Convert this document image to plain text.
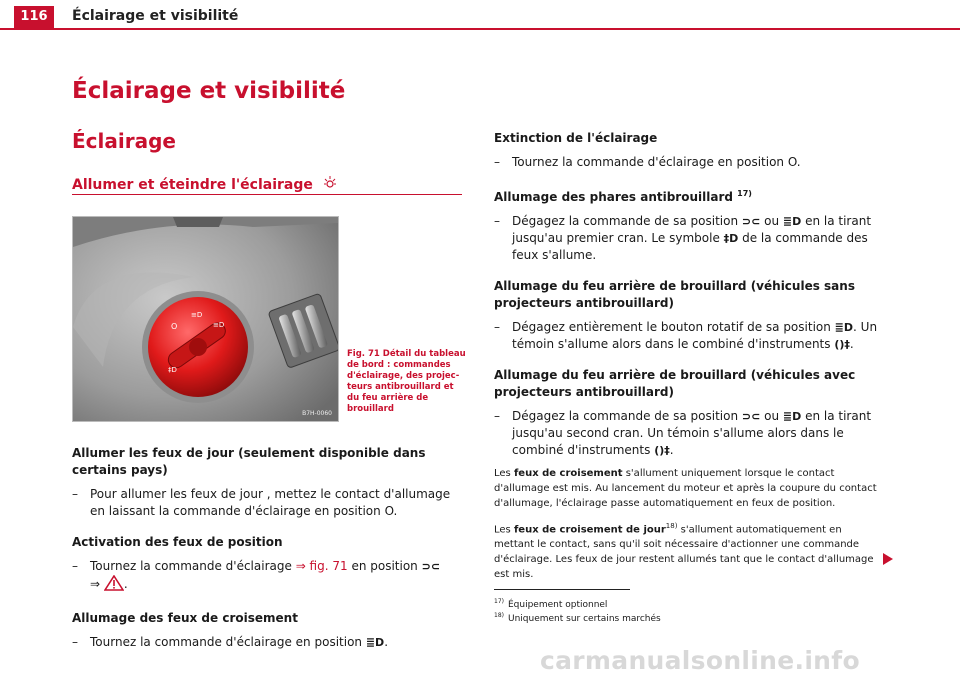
116	Éclairage et visibilité
Éclairage et visibilité
Éclairage
Allumer et éteindre l'éclairage
O
≡D
≡D
‡D
B7H-0060
Fig. 71 Détail du tableau de bord : commandes d'éclairage, des projec-teurs antibrouillard et du feu arrière de brouillard
Allumer les feux de jour (seulement disponible dans certains pays)
– Pour allumer les feux de jour , mettez le contact d'allumage en laissant la commande d'éclairage en position O.
Activation des feux de position
– Tournez la commande d'éclairage ⇒ fig. 71 en position ⊃⊂
⇒ .
Allumage des feux de croisement
– Tournez la commande d'éclairage en position ≣D.
Extinction de l'éclairage
– Tournez la commande d'éclairage en position O.
Allumage des phares antibrouillard $^{17)}$
– Dégagez la commande de sa position ⊃⊂ ou ≣D en la tirant jusqu'au premier cran. Le symbole ‡D de la commande des feux s'allume.
Allumage du feu arrière de brouillard (véhicules sans projecteurs antibrouillard)
– Dégagez entièrement le bouton rotatif de sa position ≣D. Un témoin s'allume alors dans le combiné d'instruments ()‡.
Allumage du feu arrière de brouillard (véhicules avec projecteurs antibrouillard)
– Dégagez la commande de sa position ⊃⊂ ou ≣D en la tirant jusqu'au second cran. Un témoin s'allume alors dans le combiné d'instruments ()‡.
Les feux de croisement s'allument uniquement lorsque le contact d'allumage est mis. Au lancement du moteur et après la coupure du contact d'allumage, l'éclairage passe automatiquement en feux de position.
Les feux de croisement de jour$^{18)}$ s'allument automatiquement en mettant le contact, sans qu'il soit nécessaire d'actionner une commande d'éclairage. Les feux de jour restent allumés tant que le contact d'allumage est mis.
$^{17)}$ Équipement optionnel
$^{18)}$ Uniquement sur certains marchés
carmanualsonline.info
